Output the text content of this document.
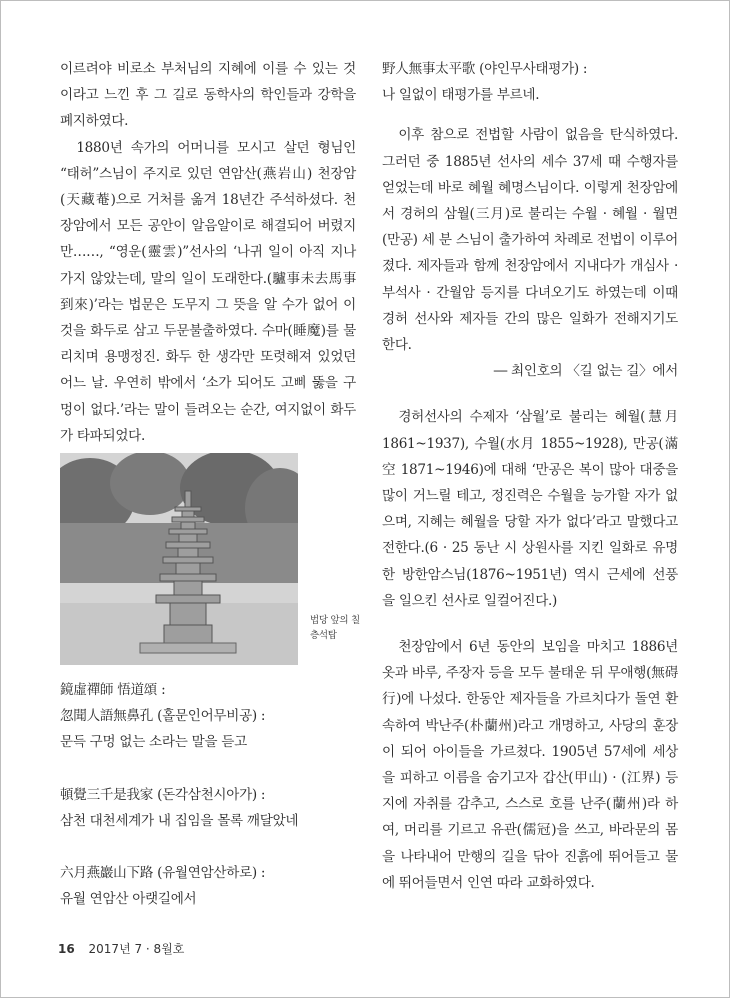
이르려야 비로소 부처님의 지혜에 이를 수 있는 것이라고 느낀 후 그 길로 동학사의 학인들과 강학을 폐지하였다.

1880년 속가의 어머니를 모시고 살던 형님인 “태허”스님이 주지로 있던 연암산(燕岩山) 천장암(天藏菴)으로 거처를 옮겨 18년간 주석하셨다. 천장암에서 모든 공안이 알음알이로 해결되어 버렸지만……, “영운(靈雲)”선사의 ‘나귀 일이 아직 지나가지 않았는데, 말의 일이 도래한다.(驢事未去馬事到來)’라는 법문은 도무지 그 뜻을 알 수가 없어 이것을 화두로 삼고 두문불출하였다. 수마(睡魔)를 물리치며 용맹정진. 화두 한 생각만 또렷해져 있었던 어느 날. 우연히 밖에서 ‘소가 되어도 고삐 뚫을 구멍이 없다.’라는 말이 들려오는 순간, 여지없이 화두가 타파되었다.

법당 앞의 칠층석탑

鏡虛禪師 悟道頌 :

忽聞人語無鼻孔 (홀문인어무비공) :

문득 구멍 없는 소라는 말을 듣고

頓覺三千是我家 (돈각삼천시아가) :

삼천 대천세계가 내 집임을 몰록 깨달았네

六月燕巖山下路 (유월연암산하로) :

유월 연암산 아랫길에서

野人無事太平歌 (야인무사태평가) :

나 일없이 태평가를 부르네.

이후 참으로 전법할 사람이 없음을 탄식하였다. 그러던 중 1885년 선사의 세수 37세 때 수행자를 얻었는데 바로 혜월 혜명스님이다. 이렇게 천장암에서 경허의 삼월(三月)로 불리는 수월 · 혜월 · 월면(만공) 세 분 스님이 출가하여 차례로 전법이 이루어졌다. 제자들과 함께 천장암에서 지내다가 개심사 · 부석사 · 간월암 등지를 다녀오기도 하였는데 이때 경허 선사와 제자들 간의 많은 일화가 전해지기도 한다.

― 최인호의 〈길 없는 길〉에서

경허선사의 수제자 ‘삼월’로 불리는 혜월(慧月 1861~1937), 수월(水月 1855~1928), 만공(滿空 1871~1946)에 대해 ‘만공은 복이 많아 대중을 많이 거느릴 테고, 정진력은 수월을 능가할 자가 없으며, 지혜는 혜월을 당할 자가 없다’라고 말했다고 전한다.(6 · 25 동난 시 상원사를 지킨 일화로 유명한 방한암스님(1876~1951년) 역시 근세에 선풍을 일으킨 선사로 일컬어진다.)

천장암에서 6년 동안의 보임을 마치고 1886년 옷과 바루, 주장자 등을 모두 불태운 뒤 무애행(無碍行)에 나섰다. 한동안 제자들을 가르치다가 돌연 환속하여 박난주(朴蘭州)라고 개명하고, 사당의 훈장이 되어 아이들을 가르쳤다. 1905년 57세에 세상을 피하고 이름을 숨기고자 갑산(甲山) · (江界) 등지에 자취를 감추고, 스스로 호를 난주(蘭州)라 하여, 머리를 기르고 유관(儒冠)을 쓰고, 바라문의 몸을 나타내어 만행의 길을 닦아 진흙에 뛰어들고 물에 뛰어들면서 인연 따라 교화하였다.

16 2017년 7 · 8월호
